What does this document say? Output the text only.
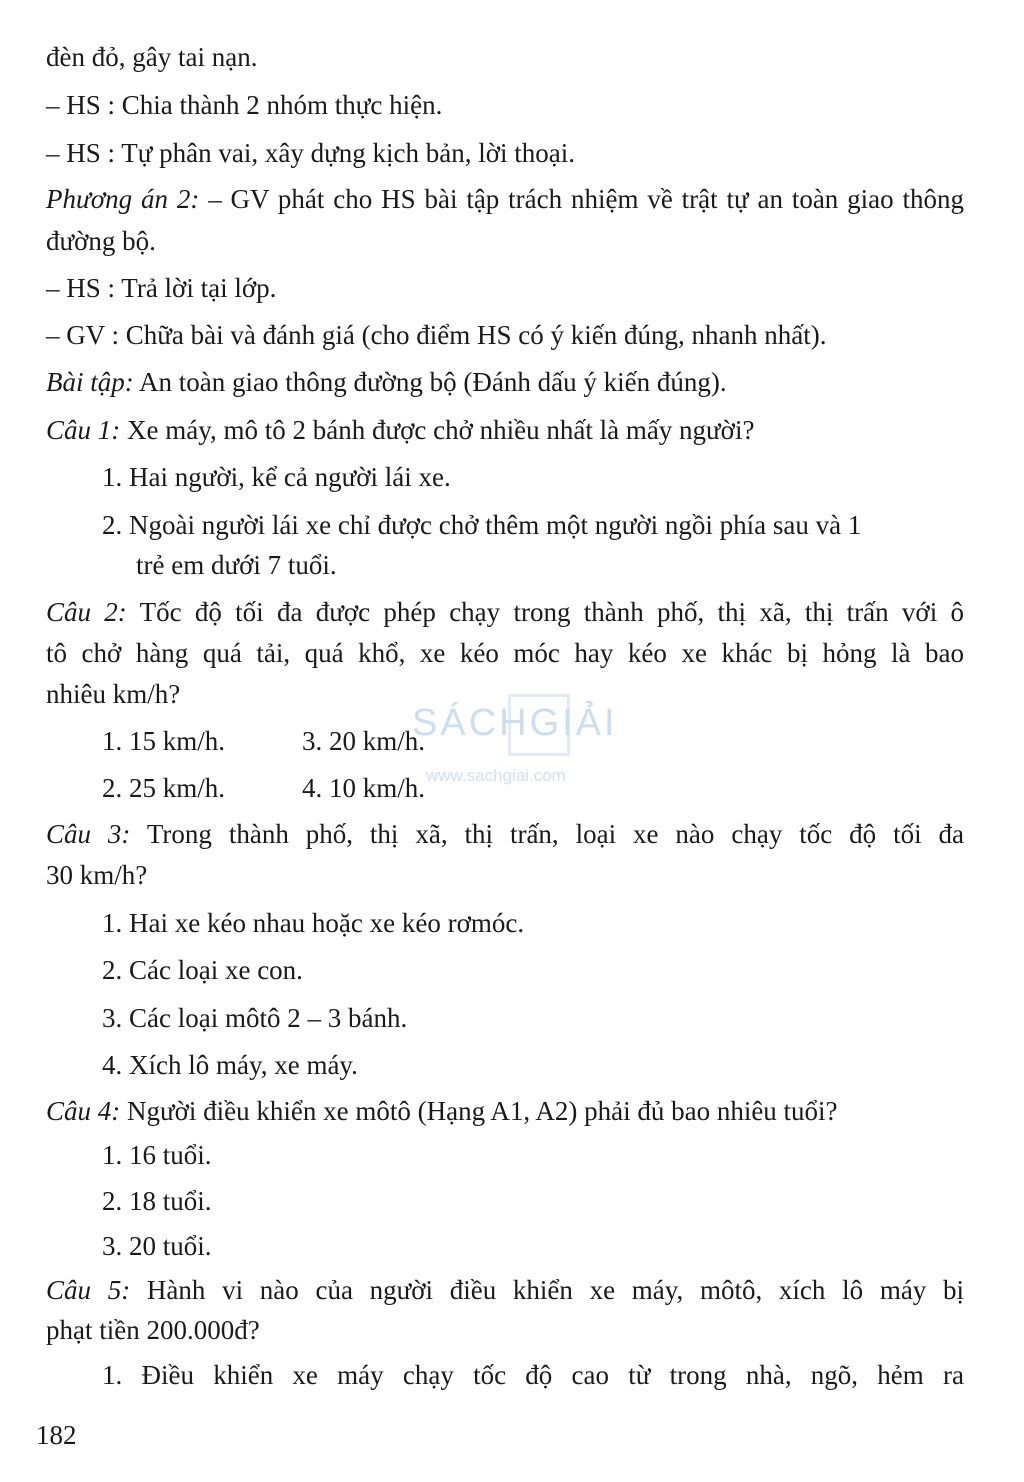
đèn đỏ, gây tai nạn.
– HS : Chia thành 2 nhóm thực hiện.
– HS : Tự phân vai, xây dựng kịch bản, lời thoại.
Phương án 2: – GV phát cho HS bài tập trách nhiệm về trật tự an toàn giao thông
đường bộ.
– HS : Trả lời tại lớp.
– GV : Chữa bài và đánh giá (cho điểm HS có ý kiến đúng, nhanh nhất).
Bài tập: An toàn giao thông đường bộ (Đánh dấu ý kiến đúng).
Câu 1: Xe máy, mô tô 2 bánh được chở nhiều nhất là mấy người?
1. Hai người, kể cả người lái xe.
2. Ngoài người lái xe chỉ được chở thêm một người ngồi phía sau và 1
trẻ em dưới 7 tuổi.
Câu 2: Tốc độ tối đa được phép chạy trong thành phố, thị xã, thị trấn với ô
tô chở hàng quá tải, quá khổ, xe kéo móc hay kéo xe khác bị hỏng là bao
nhiêu km/h?
1. 15 km/h.	3. 20 km/h.
2. 25 km/h.	4. 10 km/h.
Câu 3: Trong thành phố, thị xã, thị trấn, loại xe nào chạy tốc độ tối đa
30 km/h?
1. Hai xe kéo nhau hoặc xe kéo rơmóc.
2. Các loại xe con.
3. Các loại môtô 2 – 3 bánh.
4. Xích lô máy, xe máy.
Câu 4: Người điều khiển xe môtô (Hạng A1, A2) phải đủ bao nhiêu tuổi?
1. 16 tuổi.
2. 18 tuổi.
3. 20 tuổi.
Câu 5: Hành vi nào của người điều khiển xe máy, môtô, xích lô máy bị
phạt tiền 200.000đ?
1. Điều khiển xe máy chạy tốc độ cao từ trong nhà, ngõ, hẻm ra
182
SÁCHGIẢI
www.sachgiai.com
